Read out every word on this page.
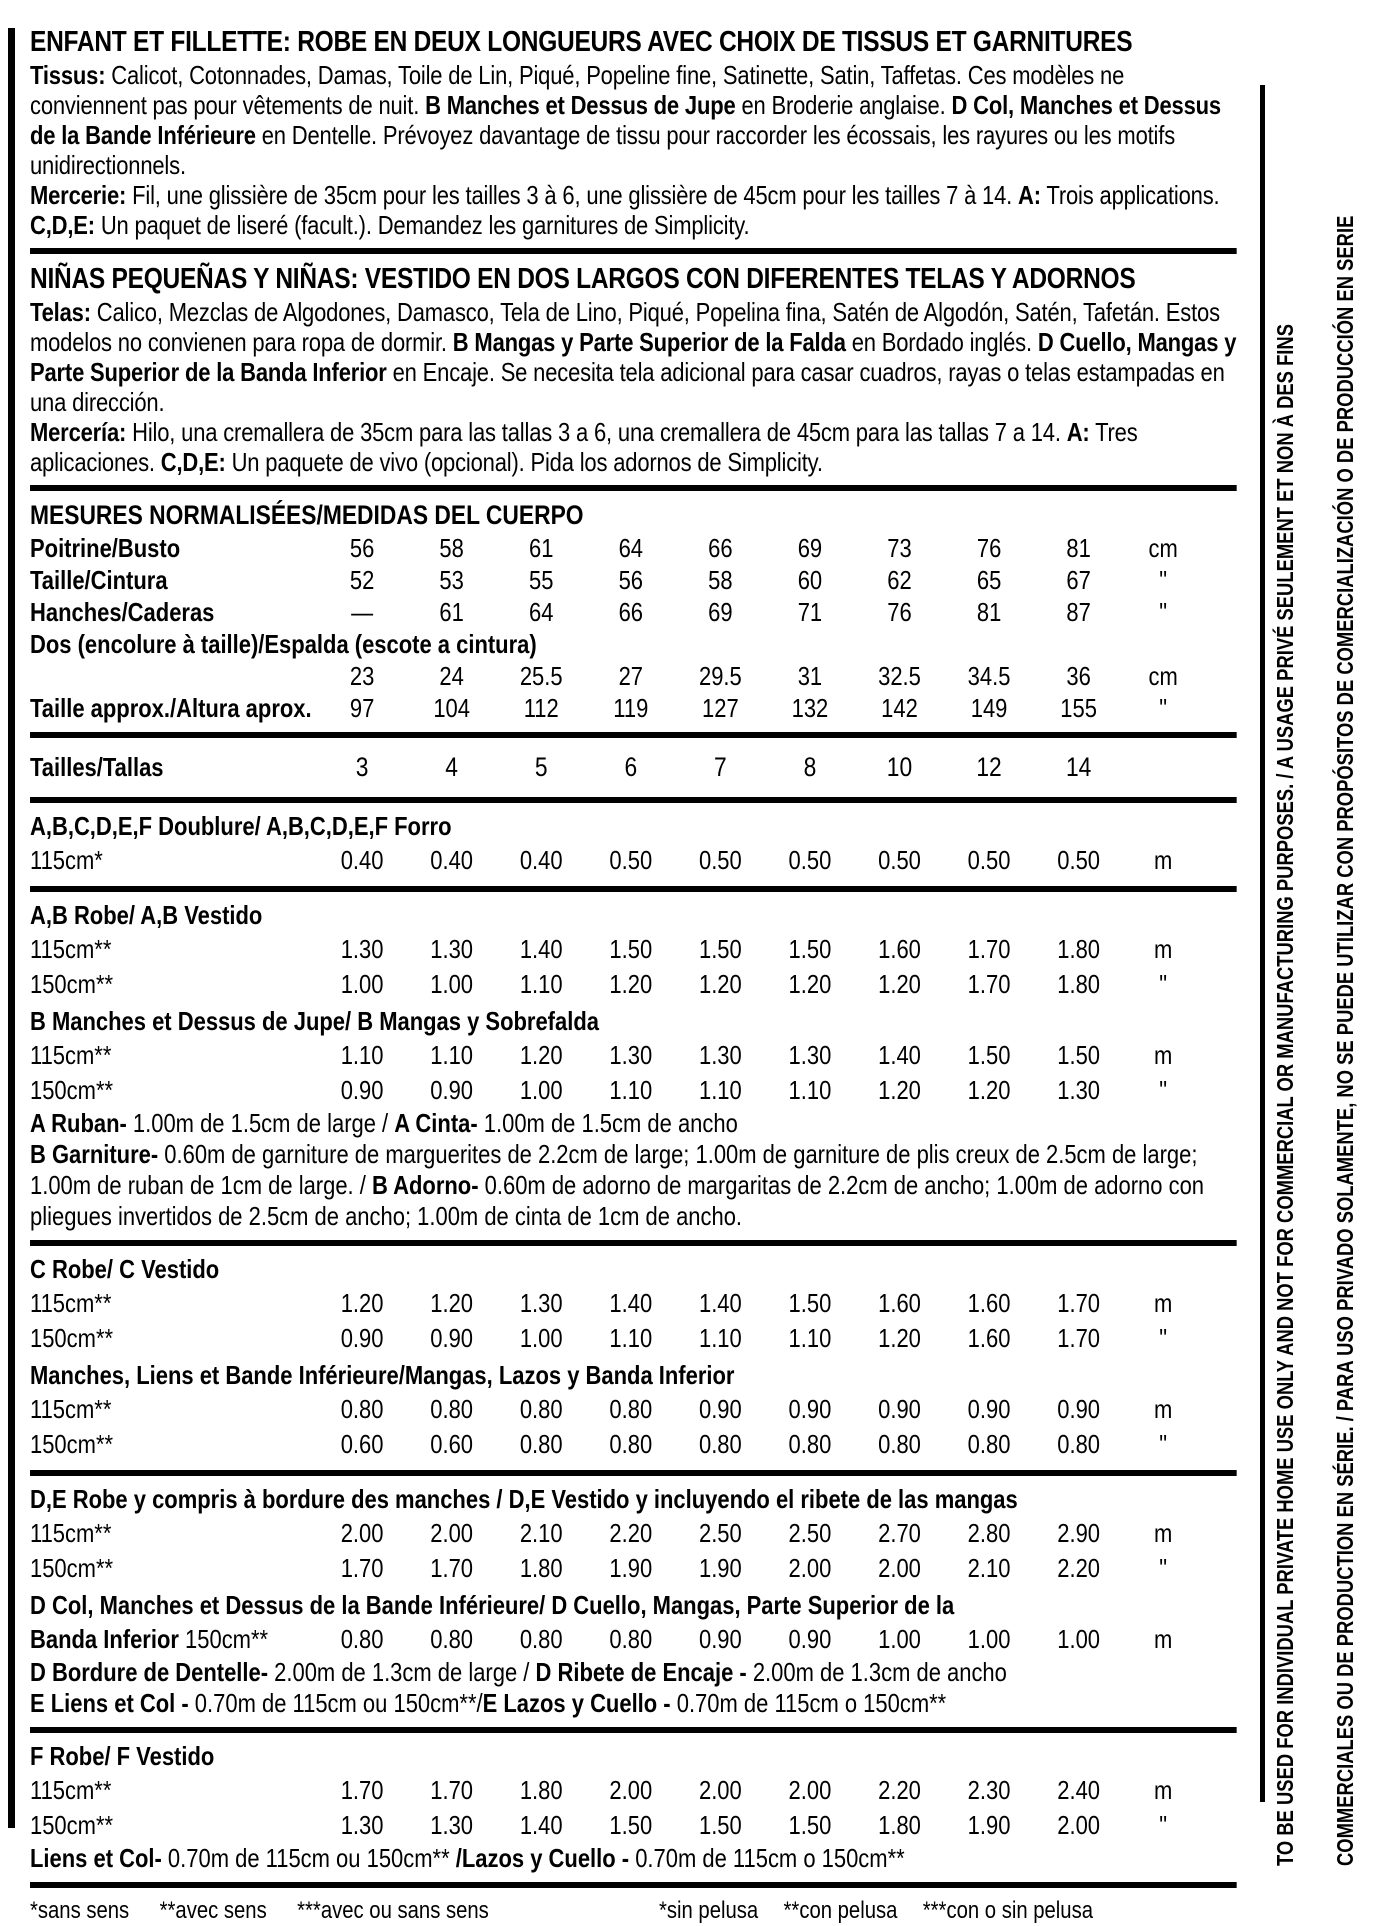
ENFANT ET FILLETTE: ROBE EN DEUX LONGUEURS AVEC CHOIX DE TISSUS ET GARNITURES

Tissus: Calicot, Cotonnades, Damas, Toile de Lin, Piqué, Popeline fine, Satinette, Satin, Taffetas. Ces modèles ne conviennent pas pour vêtements de nuit. B Manches et Dessus de Jupe en Broderie anglaise. D Col, Manches et Dessus de la Bande Inférieure en Dentelle. Prévoyez davantage de tissu pour raccorder les écossais, les rayures ou les motifs unidirectionnels.

Mercerie: Fil, une glissière de 35cm pour les tailles 3 à 6, une glissière de 45cm pour les tailles 7 à 14. A: Trois applications. C,D,E: Un paquet de liseré (facult.). Demandez les garnitures de Simplicity.

NIÑAS PEQUEÑAS Y NIÑAS: VESTIDO EN DOS LARGOS CON DIFERENTES TELAS Y ADORNOS

Telas: Calico, Mezclas de Algodones, Damasco, Tela de Lino, Piqué, Popelina fina, Satén de Algodón, Satén, Tafetán. Estos modelos no convienen para ropa de dormir. B Mangas y Parte Superior de la Falda en Bordado inglés. D Cuello, Mangas y Parte Superior de la Banda Inferior en Encaje. Se necesita tela adicional para casar cuadros, rayas o telas estampadas en una dirección.

Mercería: Hilo, una cremallera de 35cm para las tallas 3 a 6, una cremallera de 45cm para las tallas 7 a 14. A: Tres aplicaciones. C,D,E: Un paquete de vivo (opcional). Pida los adornos de Simplicity.

MESURES NORMALISÉES/MEDIDAS DEL CUERPO
Poitrine/Busto	56	58	61	64	66	69	73	76	81	cm
Taille/Cintura	52	53	55	56	58	60	62	65	67	"
Hanches/Caderas	—	61	64	66	69	71	76	81	87	"
Dos (encolure à taille)/Espalda (escote a cintura)
23	24	25.5	27	29.5	31	32.5	34.5	36	cm
Taille approx./Altura aprox.	97	104	112	119	127	132	142	149	155	"
Tailles/Tallas	3	4	5	6	7	8	10	12	14
A,B,C,D,E,F Doublure/ A,B,C,D,E,F Forro
115cm*	0.40	0.40	0.40	0.50	0.50	0.50	0.50	0.50	0.50	m
A,B Robe/ A,B Vestido
115cm**	1.30	1.30	1.40	1.50	1.50	1.50	1.60	1.70	1.80	m
150cm**	1.00	1.00	1.10	1.20	1.20	1.20	1.20	1.70	1.80	"
B Manches et Dessus de Jupe/ B Mangas y Sobrefalda
115cm**	1.10	1.10	1.20	1.30	1.30	1.30	1.40	1.50	1.50	m
150cm**	0.90	0.90	1.00	1.10	1.10	1.10	1.20	1.20	1.30	"
A Ruban- 1.00m de 1.5cm de large / A Cinta- 1.00m de 1.5cm de ancho
B Garniture- 0.60m de garniture de marguerites de 2.2cm de large; 1.00m de garniture de plis creux de 2.5cm de large; 1.00m de ruban de 1cm de large. / B Adorno- 0.60m de adorno de margaritas de 2.2cm de ancho; 1.00m de adorno con pliegues invertidos de 2.5cm de ancho; 1.00m de cinta de 1cm de ancho.
C Robe/ C Vestido
115cm**	1.20	1.20	1.30	1.40	1.40	1.50	1.60	1.60	1.70	m
150cm**	0.90	0.90	1.00	1.10	1.10	1.10	1.20	1.60	1.70	"
Manches, Liens et Bande Inférieure/Mangas, Lazos y Banda Inferior
115cm**	0.80	0.80	0.80	0.80	0.90	0.90	0.90	0.90	0.90	m
150cm**	0.60	0.60	0.80	0.80	0.80	0.80	0.80	0.80	0.80	"
D,E Robe y compris à bordure des manches / D,E Vestido y incluyendo el ribete de las mangas
115cm**	2.00	2.00	2.10	2.20	2.50	2.50	2.70	2.80	2.90	m
150cm**	1.70	1.70	1.80	1.90	1.90	2.00	2.00	2.10	2.20	"
D Col, Manches et Dessus de la Bande Inférieure/ D Cuello, Mangas, Parte Superior de la
Banda Inferior 150cm**	0.80	0.80	0.80	0.80	0.90	0.90	1.00	1.00	1.00	m
D Bordure de Dentelle- 2.00m de 1.3cm de large / D Ribete de Encaje - 2.00m de 1.3cm de ancho
E Liens et Col - 0.70m de 115cm ou 150cm**/E Lazos y Cuello - 0.70m de 115cm o 150cm**
F Robe/ F Vestido
115cm**	1.70	1.70	1.80	2.00	2.00	2.00	2.20	2.30	2.40	m
150cm**	1.30	1.30	1.40	1.50	1.50	1.50	1.80	1.90	2.00	"
Liens et Col- 0.70m de 115cm ou 150cm** /Lazos y Cuello - 0.70m de 115cm o 150cm**
*sans sens **avec sens ***avec ou sans sens	*sin pelusa **con pelusa ***con o sin pelusa
TO BE USED FOR INDIVIDUAL PRIVATE HOME USE ONLY AND NOT FOR COMMERCIAL OR MANUFACTURING PURPOSES. / A USAGE PRIVÉ SEULEMENT ET NON À DES FINS COMMERCIALES OU DE PRODUCTION EN SÉRIE. / PARA USO PRIVADO SOLAMENTE, NO SE PUEDE UTILIZAR CON PROPÓSITOS DE COMERCIALIZACIÓN O DE PRODUCCIÓN EN SERIE
